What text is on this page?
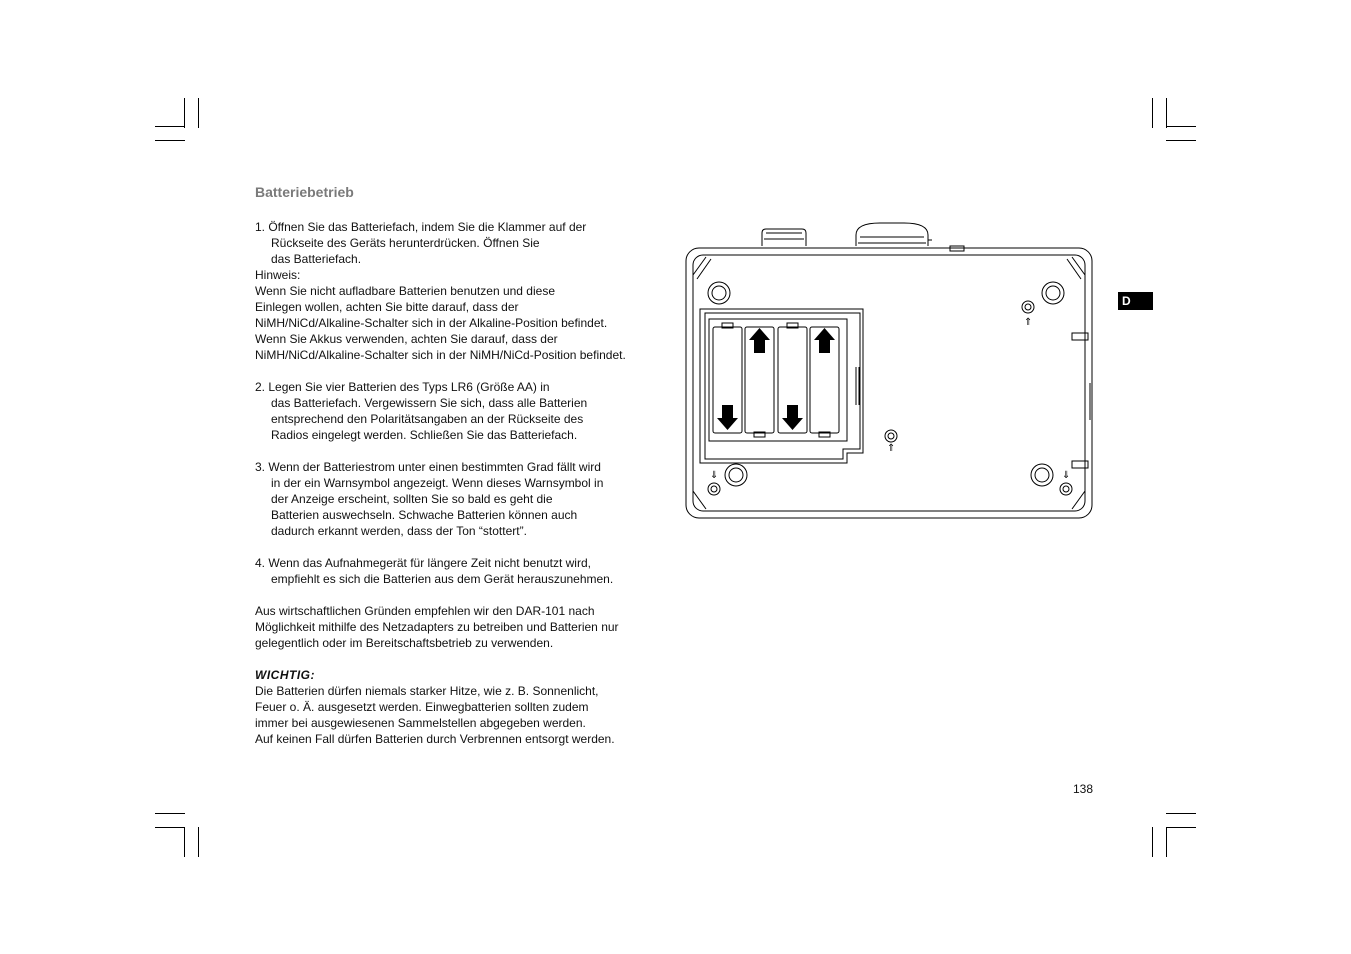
Batteriebetrieb
1. Öffnen Sie das Batteriefach, indem Sie die Klammer auf der
Rückseite des Geräts herunterdrücken. Öffnen Sie
das Batteriefach.
Hinweis:
Wenn Sie nicht aufladbare Batterien benutzen und diese
Einlegen wollen, achten Sie bitte darauf, dass der
NiMH/NiCd/Alkaline-Schalter sich in der Alkaline-Position befindet.
Wenn Sie Akkus verwenden, achten Sie darauf, dass der
NiMH/NiCd/Alkaline-Schalter sich in der NiMH/NiCd-Position befindet.
2. Legen Sie vier Batterien des Typs LR6 (Größe AA) in
das Batteriefach. Vergewissern Sie sich, dass alle Batterien
entsprechend den Polaritätsangaben an der Rückseite des
Radios eingelegt werden. Schließen Sie das Batteriefach.
3. Wenn der Batteriestrom unter einen bestimmten Grad fällt wird
in der ein Warnsymbol angezeigt. Wenn dieses Warnsymbol in
der Anzeige erscheint, sollten Sie so bald es geht die
Batterien auswechseln. Schwache Batterien können auch
dadurch erkannt werden, dass der Ton “stottert”.
4. Wenn das Aufnahmegerät für längere Zeit nicht benutzt wird,
empfiehlt es sich die Batterien aus dem Gerät herauszunehmen.
Aus wirtschaftlichen Gründen empfehlen wir den DAR-101 nach
Möglichkeit mithilfe des Netzadapters zu betreiben und Batterien nur
gelegentlich oder im Bereitschaftsbetrieb zu verwenden.
WICHTIG:
Die Batterien dürfen niemals starker Hitze, wie z. B. Sonnenlicht,
Feuer o. Ä. ausgesetzt werden. Einwegbatterien sollten zudem
immer bei ausgewiesenen Sammelstellen abgegeben werden.
Auf keinen Fall dürfen Batterien durch Verbrennen entsorgt werden.
D
138
⇑
⇑
⇓	⇓
